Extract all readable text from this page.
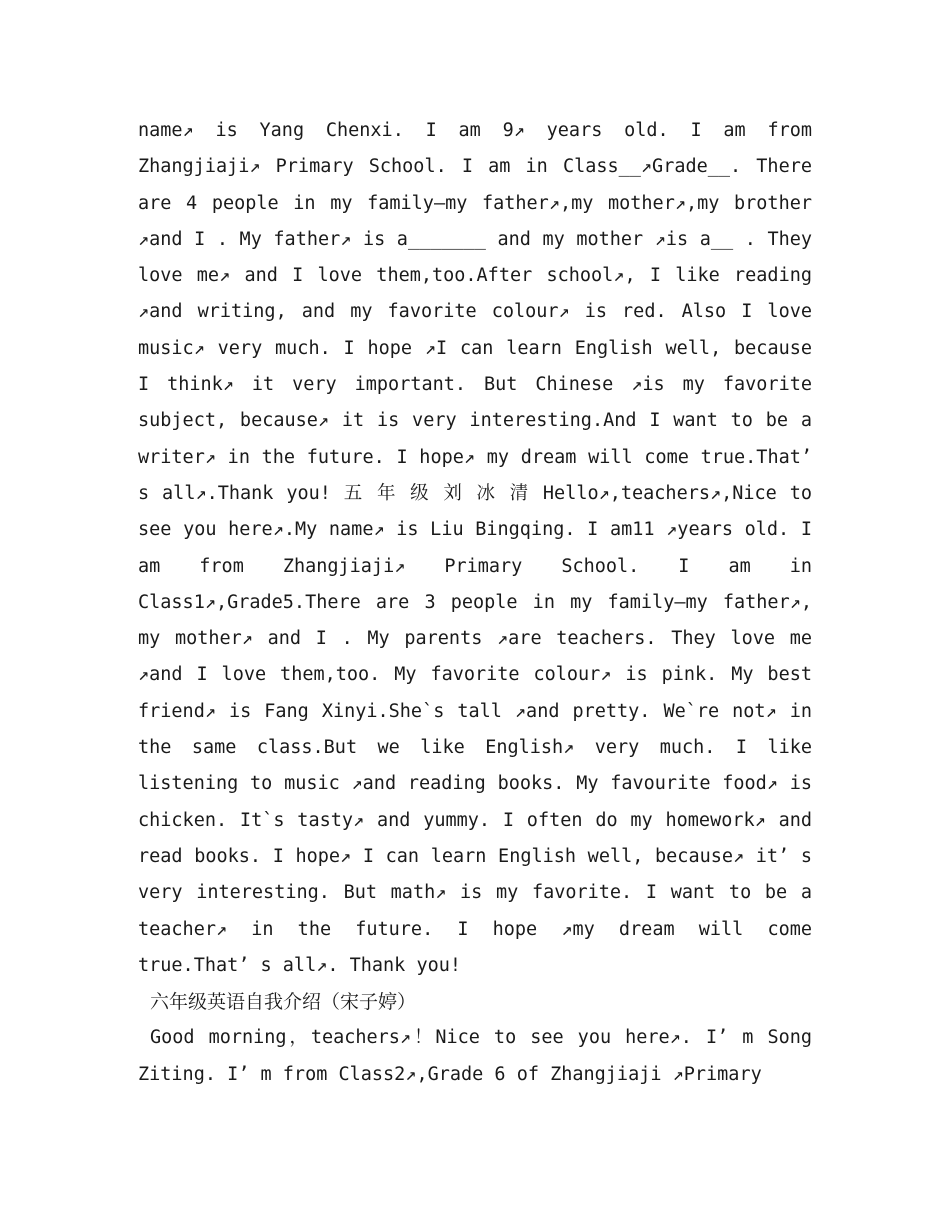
name↗ is Yang Chenxi. I am 9↗ years old. I am from Zhangjiaji↗ Primary School. I am in Class__↗Grade__. There are 4 people in my family—my father↗,my mother↗,my brother ↗and I . My father↗ is a_______ and my mother ↗is a__ . They love me↗ and I love them,too.After school↗, I like reading ↗and writing, and my favorite colour↗ is red. Also I love music↗ very much. I hope ↗I can learn English well, because I think↗ it very important. But Chinese ↗is my favorite subject, because↗ it is very interesting.And I want to be a writer↗ in the future. I hope↗ my dream will come true.That’ s all↗.Thank you! 五 年 级 刘 冰 清 Hello↗,teachers↗,Nice to see you here↗.My name↗ is Liu Bingqing. I am11 ↗years old. I am from Zhangjiaji↗ Primary School. I am in Class1↗,Grade5.There are 3 people in my family—my father↗, my mother↗ and I . My parents ↗are teachers. They love me ↗and I love them,too. My favorite colour↗ is pink. My best friend↗ is Fang Xinyi.She`s tall ↗and pretty. We`re not↗ in the same class.But we like English↗ very much. I like listening to music ↗and reading books. My favourite food↗ is chicken. It`s tasty↗ and yummy. I often do my homework↗ and read books. I hope↗ I can learn English well, because↗ it’ s very interesting. But math↗ is my favorite. I want to be a teacher↗ in the future. I hope ↗my dream will come true.That’ s all↗. Thank you!

六年级英语自我介绍（宋子婷）

Good morning，teachers↗！Nice to see you here↗. I’ m Song Ziting. I’ m from Class2↗,Grade 6 of Zhangjiaji ↗Primary
